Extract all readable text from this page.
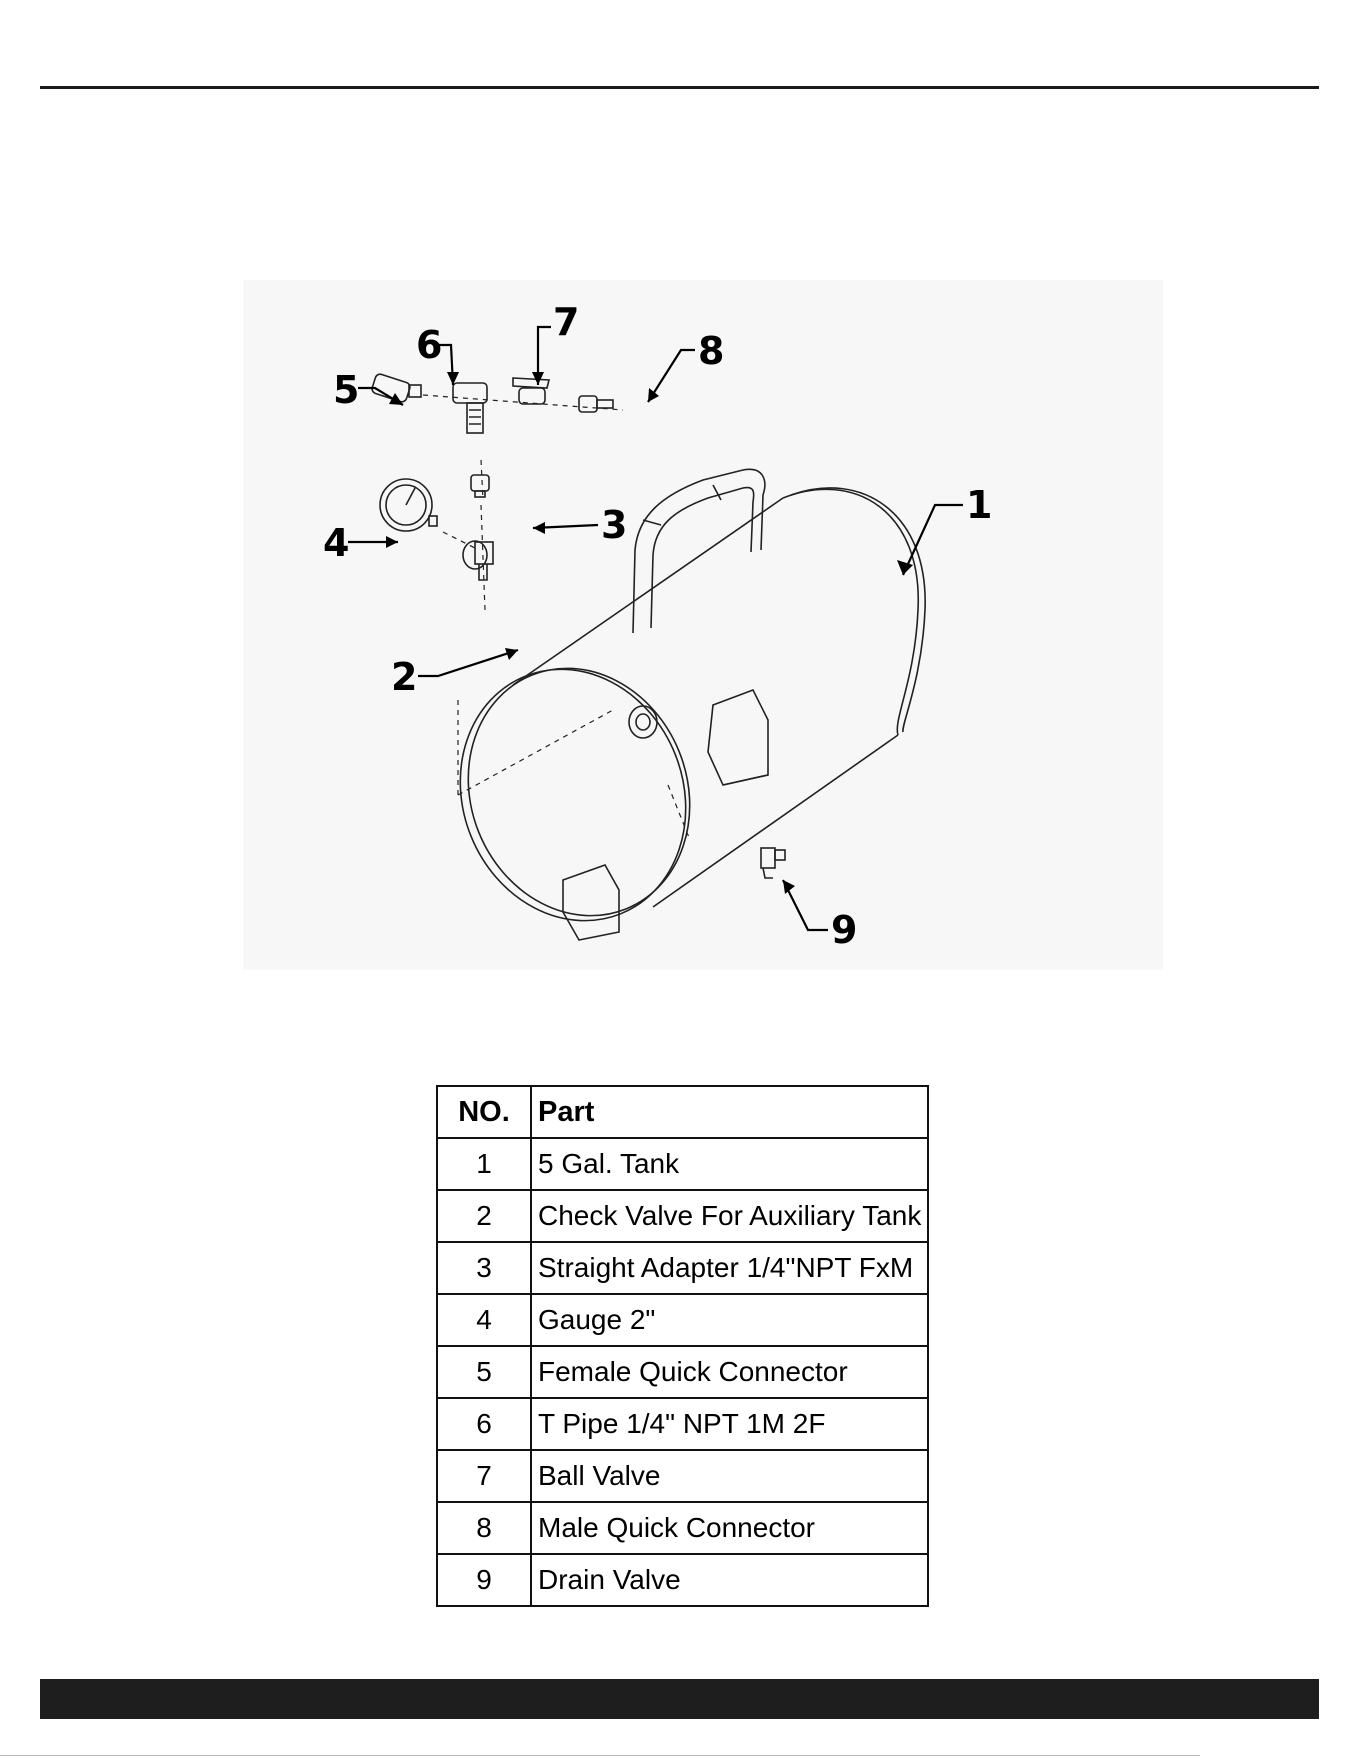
1
2
3
4
5
6
7
8
9
NO.	Part
1	5 Gal. Tank
2	Check Valve For Auxiliary Tank
3	Straight Adapter 1/4"NPT FxM
4	Gauge 2"
5	Female Quick Connector
6	T Pipe 1/4" NPT 1M 2F
7	Ball Valve
8	Male Quick Connector
9	Drain Valve
